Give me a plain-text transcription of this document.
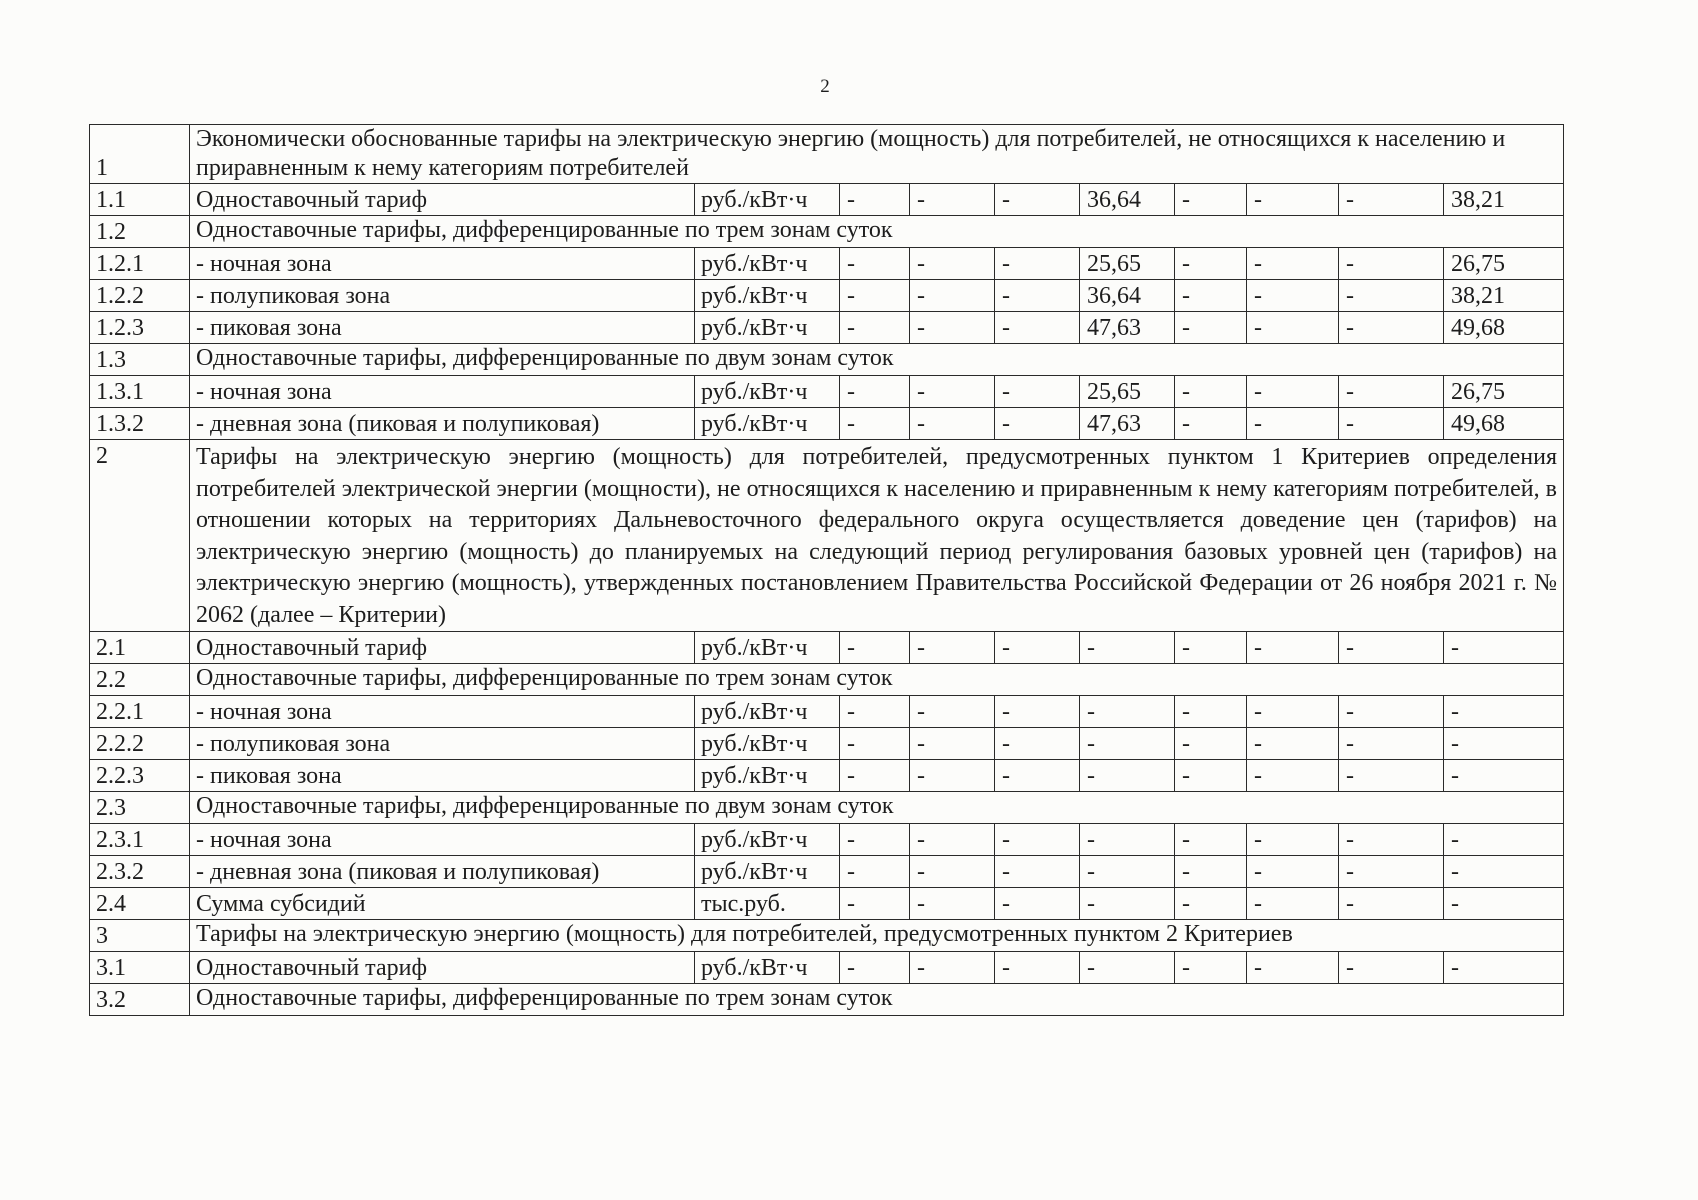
2
1	Экономически обоснованные тарифы на электрическую энергию (мощность) для потребителей, не относящихся к населению и приравненным к нему категориям потребителей									
1.1	Одноставочный тариф	руб./кВт·ч	-	-	-	36,64	-	-	-	38,21
1.2	Одноставочные тарифы, дифференцированные по трем зонам суток									
1.2.1	- ночная зона	руб./кВт·ч	-	-	-	25,65	-	-	-	26,75
1.2.2	- полупиковая зона	руб./кВт·ч	-	-	-	36,64	-	-	-	38,21
1.2.3	- пиковая зона	руб./кВт·ч	-	-	-	47,63	-	-	-	49,68
1.3	Одноставочные тарифы, дифференцированные по двум зонам суток									
1.3.1	- ночная зона	руб./кВт·ч	-	-	-	25,65	-	-	-	26,75
1.3.2	- дневная зона (пиковая и полупиковая)	руб./кВт·ч	-	-	-	47,63	-	-	-	49,68
2	Тарифы на электрическую энергию (мощность) для потребителей, предусмотренных пунктом 1 Критериев определения потребителей электрической энергии (мощности), не относящихся к населению и приравненным к нему категориям потребителей, в отношении которых на территориях Дальневосточного федерального округа осуществляется доведение цен (тарифов) на электрическую энергию (мощность) до планируемых на следующий период регулирования базовых уровней цен (тарифов) на электрическую энергию (мощность), утвержденных постановлением Правительства Российской Федерации от 26 ноября 2021 г. № 2062 (далее – Критерии)									
2.1	Одноставочный тариф	руб./кВт·ч	-	-	-	-	-	-	-	-
2.2	Одноставочные тарифы, дифференцированные по трем зонам суток									
2.2.1	- ночная зона	руб./кВт·ч	-	-	-	-	-	-	-	-
2.2.2	- полупиковая зона	руб./кВт·ч	-	-	-	-	-	-	-	-
2.2.3	- пиковая зона	руб./кВт·ч	-	-	-	-	-	-	-	-
2.3	Одноставочные тарифы, дифференцированные по двум зонам суток									
2.3.1	- ночная зона	руб./кВт·ч	-	-	-	-	-	-	-	-
2.3.2	- дневная зона (пиковая и полупиковая)	руб./кВт·ч	-	-	-	-	-	-	-	-
2.4	Сумма субсидий	тыс.руб.	-	-	-	-	-	-	-	-
3	Тарифы на электрическую энергию (мощность) для потребителей, предусмотренных пунктом 2 Критериев									
3.1	Одноставочный тариф	руб./кВт·ч	-	-	-	-	-	-	-	-
3.2	Одноставочные тарифы, дифференцированные по трем зонам суток									
